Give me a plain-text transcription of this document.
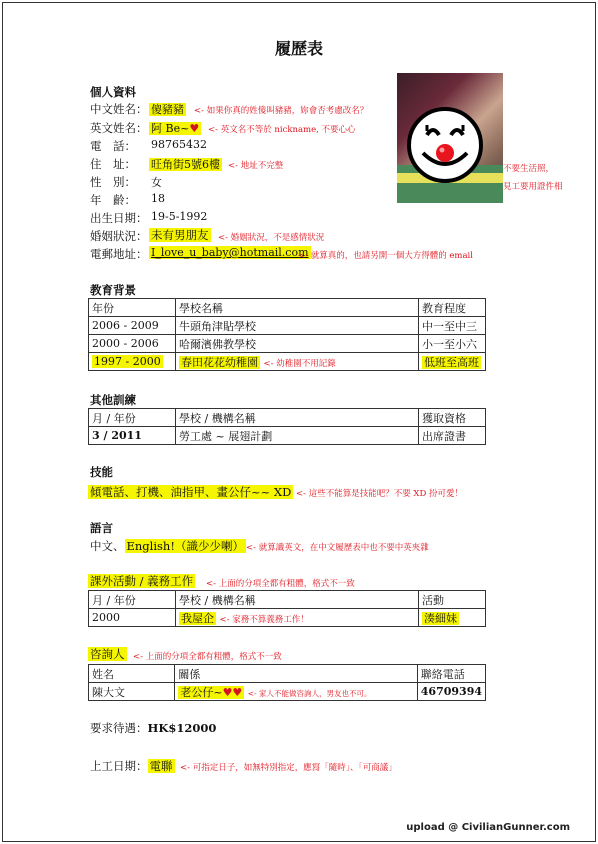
履歷表
個人資料
中文姓名： 傻豬豬 <- 如果你真的姓傻叫豬豬，妳會否考慮改名？
英文姓名： 阿 Be~♥ <- 英文名不等於 nickname, 不要心心
電　話： 98765432
住　址： 旺角街5號6樓 <- 地址不完整
性　別： 女
年　齡： 18
出生日期： 19-5-1992
婚姻狀況： 未有男朋友 <- 婚姻狀況，不是感情狀況
電郵地址： I_love_u_baby@hotmail.com
<- 就算真的，也請另開一個大方得體的 email
不要生活照，
見工要用證件相
教育背景
年份	學校名稱	教育程度
2006 - 2009	牛頭角津貼學校	中一至中三
2000 - 2006	哈爾濱佛教學校	小一至小六
1997 - 2000	春田花花幼稚園 <- 幼稚園不用記錄	低班至高班
其他訓練
月 / 年份	學校 / 機構名稱	獲取資格
3 / 2011	勞工處 ~ 展翅計劃	出席證書
技能
傾電話、打機、油指甲、畫公仔~~ XD <- 這些不能算是技能吧？不要 XD 扮可愛！
語言
中文、 English!（識少少喇） <- 就算識英文，在中文履歷表中也不要中英夾雜
課外活動 / 義務工作 <- 上面的分項全都有粗體，格式不一致
月 / 年份	學校 / 機構名稱	活動
2000	我屋企 <- 家務不算義務工作！	湊細妹
咨詢人 <- 上面的分項全都有粗體，格式不一致
姓名	關係	聯絡電話
陳大文	老公仔~♥♥ <- 家人不能做咨詢人，男友也不可。	46709394
要求待遇：HK$12000
上工日期： 電聯 <- 可指定日子，如無特別指定，應寫「隨時」、「可商議」
upload @ CivilianGunner.com
